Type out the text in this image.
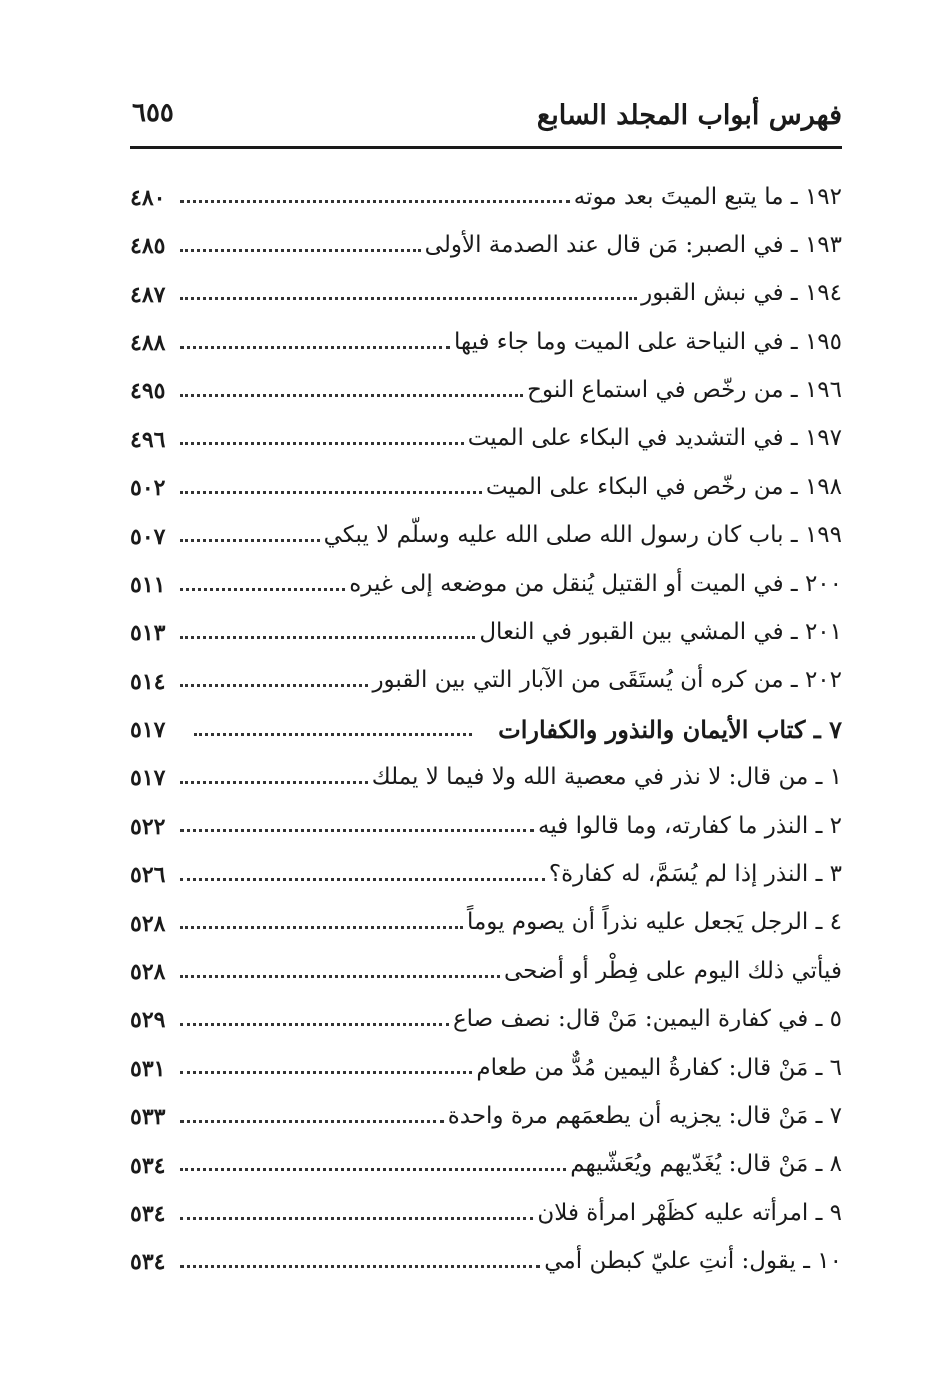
فهرس أبواب المجلد السابع
٦٥٥
١٩٢ ـ ما يتبع الميتَ بعد موته
٤٨٠
١٩٣ ـ في الصبر: مَن قال عند الصدمة الأولى
٤٨٥
١٩٤ ـ في نبش القبور
٤٨٧
١٩٥ ـ في النياحة على الميت وما جاء فيها
٤٨٨
١٩٦ ـ من رخّص في استماع النوح
٤٩٥
١٩٧ ـ في التشديد في البكاء على الميت
٤٩٦
١٩٨ ـ من رخّص في البكاء على الميت
٥٠٢
١٩٩ ـ باب كان رسول الله صلى الله عليه وسلّم لا يبكي
٥٠٧
٢٠٠ ـ في الميت أو القتيل يُنقل من موضعه إلى غيره
٥١١
٢٠١ ـ في المشي بين القبور في النعال
٥١٣
٢٠٢ ـ من كره أن يُستَقَى من الآبار التي بين القبور
٥١٤
٧ ـ كتاب الأيمان والنذور والكفارات
٥١٧
١ ـ من قال: لا نذر في معصية الله ولا فيما لا يملك
٥١٧
٢ ـ النذر ما كفارته، وما قالوا فيه
٥٢٢
٣ ـ النذر إذا لم يُسَمَّ، له كفارة؟
٥٢٦
٤ ـ الرجل يَجعل عليه نذراً أن يصوم يوماً
٥٢٨
فيأتي ذلك اليوم على فِطْر أو أضحى
٥٢٨
٥ ـ في كفارة اليمين: مَنْ قال: نصف صاع
٥٢٩
٦ ـ مَنْ قال: كفارةُ اليمين مُدٌّ من طعام
٥٣١
٧ ـ مَنْ قال: يجزيه أن يطعمَهم مرة واحدة
٥٣٣
٨ ـ مَنْ قال: يُغَدّيهم ويُعَشّيهم
٥٣٤
٩ ـ امرأته عليه كظَهْر امرأة فلان
٥٣٤
١٠ ـ يقول: أنتِ عليّ كبطن أمي
٥٣٤
